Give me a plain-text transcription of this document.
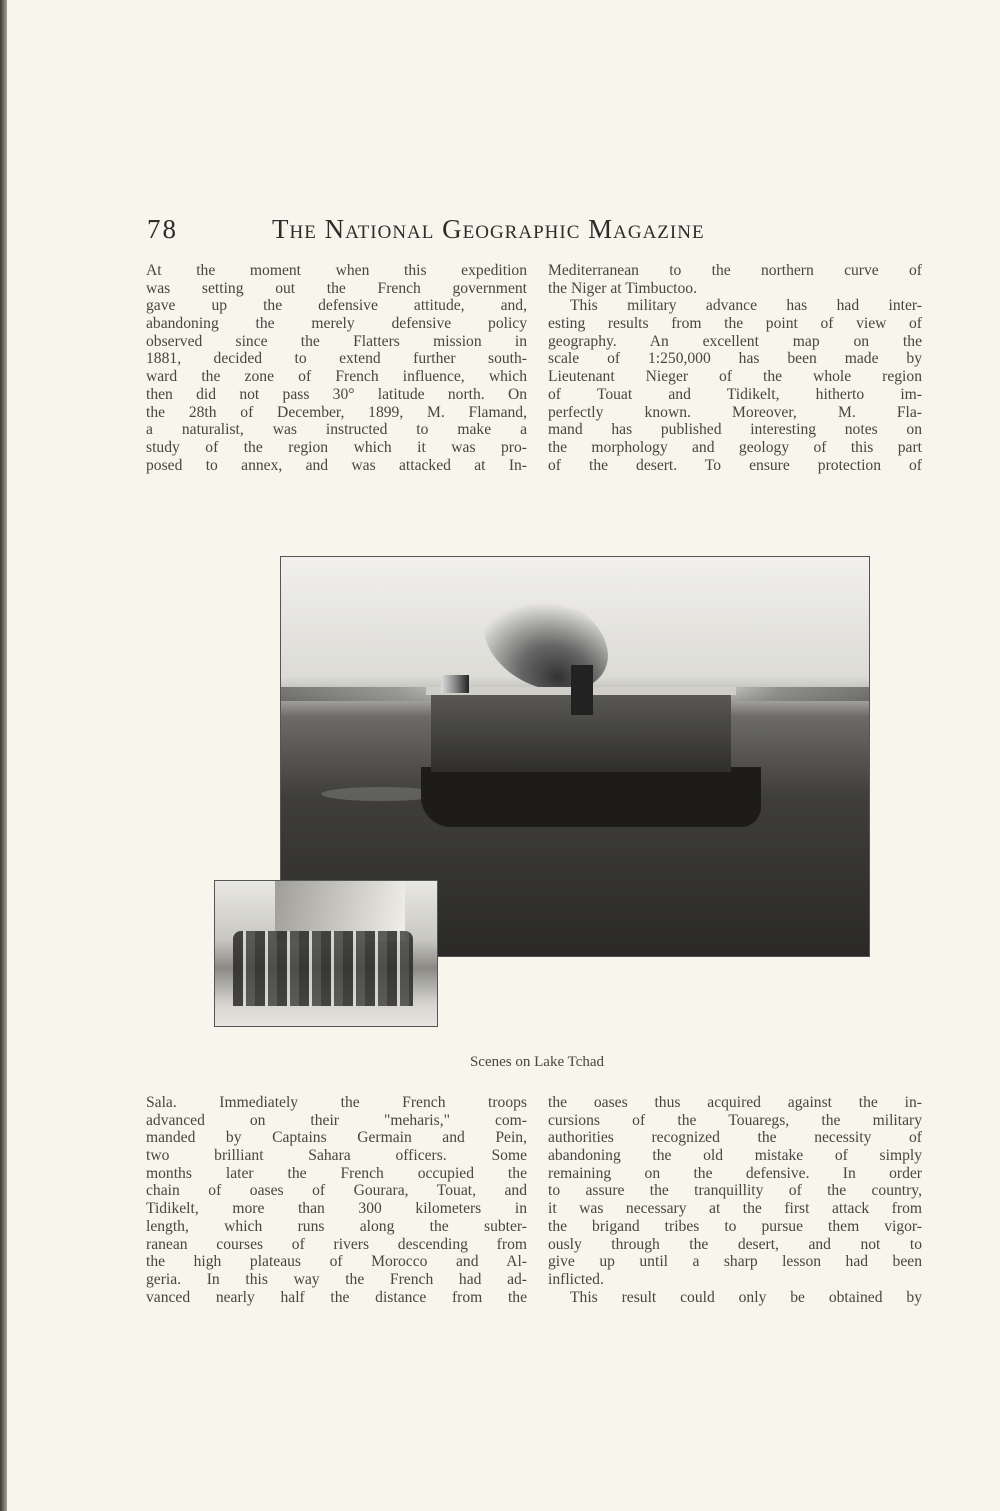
78	The National Geographic Magazine
At the moment when this expedition
was setting out the French government
gave up the defensive attitude, and,
abandoning the merely defensive policy
observed since the Flatters mission in
1881, decided to extend further south-
ward the zone of French influence, which
then did not pass 30° latitude north. On
the 28th of December, 1899, M. Flamand,
a naturalist, was instructed to make a
study of the region which it was pro-
posed to annex, and was attacked at In-
Mediterranean to the northern curve of
the Niger at Timbuctoo.
This military advance has had inter-
esting results from the point of view of
geography. An excellent map on the
scale of 1:250,000 has been made by
Lieutenant Nieger of the whole region
of Touat and Tidikelt, hitherto im-
perfectly known. Moreover, M. Fla-
mand has published interesting notes on
the morphology and geology of this part
of the desert. To ensure protection of
Scenes on Lake Tchad
Sala. Immediately the French troops
advanced on their "meharis," com-
manded by Captains Germain and Pein,
two brilliant Sahara officers. Some
months later the French occupied the
chain of oases of Gourara, Touat, and
Tidikelt, more than 300 kilometers in
length, which runs along the subter-
ranean courses of rivers descending from
the high plateaus of Morocco and Al-
geria. In this way the French had ad-
vanced nearly half the distance from the
the oases thus acquired against the in-
cursions of the Touaregs, the military
authorities recognized the necessity of
abandoning the old mistake of simply
remaining on the defensive. In order
to assure the tranquillity of the country,
it was necessary at the first attack from
the brigand tribes to pursue them vigor-
ously through the desert, and not to
give up until a sharp lesson had been
inflicted.
This result could only be obtained by
